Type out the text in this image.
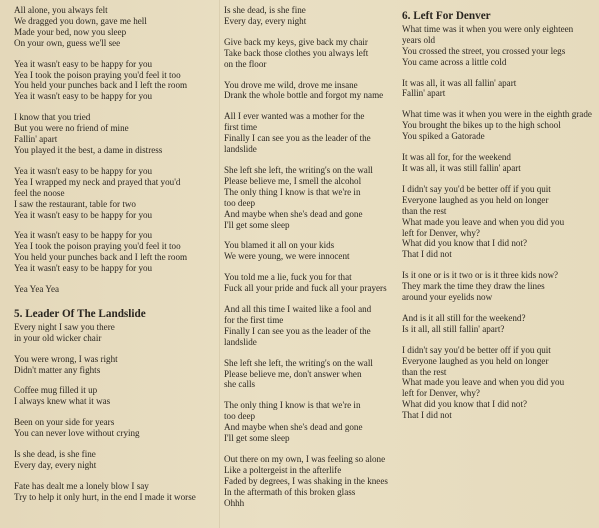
All alone, you always felt
We dragged you down, gave me hell
Made your bed, now you sleep
On your own, guess we'll see
Yea it wasn't easy to be happy for you
Yea I took the poison praying you'd feel it too
You held your punches back and I left the room
Yea it wasn't easy to be happy for you
I know that you tried
But you were no friend of mine
Fallin' apart
You played it the best, a dame in distress
Yea it wasn't easy to be happy for you
Yea I wrapped my neck and prayed that you'd
feel the noose
I saw the restaurant, table for two
Yea it wasn't easy to be happy for you
Yea it wasn't easy to be happy for you
Yea I took the poison praying you'd feel it too
You held your punches back and I left the room
Yea it wasn't easy to be happy for you
Yea Yea Yea
5. Leader Of The Landslide
Every night I saw you there
in your old wicker chair
You were wrong, I was right
Didn't matter any fights
Coffee mug filled it up
I always knew what it was
Been on your side for years
You can never love without crying
Is she dead, is she fine
Every day, every night
Fate has dealt me a lonely blow I say
Try to help it only hurt, in the end I made it worse
Is she dead, is she fine
Every day, every night
Give back my keys, give back my chair
Take back those clothes you always left
on the floor
You drove me wild, drove me insane
Drank the whole bottle and forgot my name
All I ever wanted was a mother for the
first time
Finally I can see you as the leader of the
landslide
She left she left, the writing's on the wall
Please believe me, I smell the alcohol
The only thing I know is that we're in
too deep
And maybe when she's dead and gone
I'll get some sleep
You blamed it all on your kids
We were young, we were innocent
You told me a lie, fuck you for that
Fuck all your pride and fuck all your prayers
And all this time I waited like a fool and
for the first time
Finally I can see you as the leader of the
landslide
She left she left, the writing's on the wall
Please believe me, don't answer when
she calls
The only thing I know is that we're in
too deep
And maybe when she's dead and gone
I'll get some sleep
Out there on my own, I was feeling so alone
Like a poltergeist in the afterlife
Faded by degrees, I was shaking in the knees
In the aftermath of this broken glass
Ohhh
6. Left For Denver
What time was it when you were only eighteen
years old
You crossed the street, you crossed your legs
You came across a little cold
It was all, it was all fallin' apart
Fallin' apart
What time was it when you were in the eighth grade
You brought the bikes up to the high school
You spiked a Gatorade
It was all for, for the weekend
It was all, it was still fallin' apart
I didn't say you'd be better off if you quit
Everyone laughed as you held on longer
than the rest
What made you leave and when you did you
left for Denver, why?
What did you know that I did not?
That I did not
Is it one or is it two or is it three kids now?
They mark the time they draw the lines
around your eyelids now
And is it all still for the weekend?
Is it all, all still fallin' apart?
I didn't say you'd be better off if you quit
Everyone laughed as you held on longer
than the rest
What made you leave and when you did you
left for Denver, why?
What did you know that I did not?
That I did not
